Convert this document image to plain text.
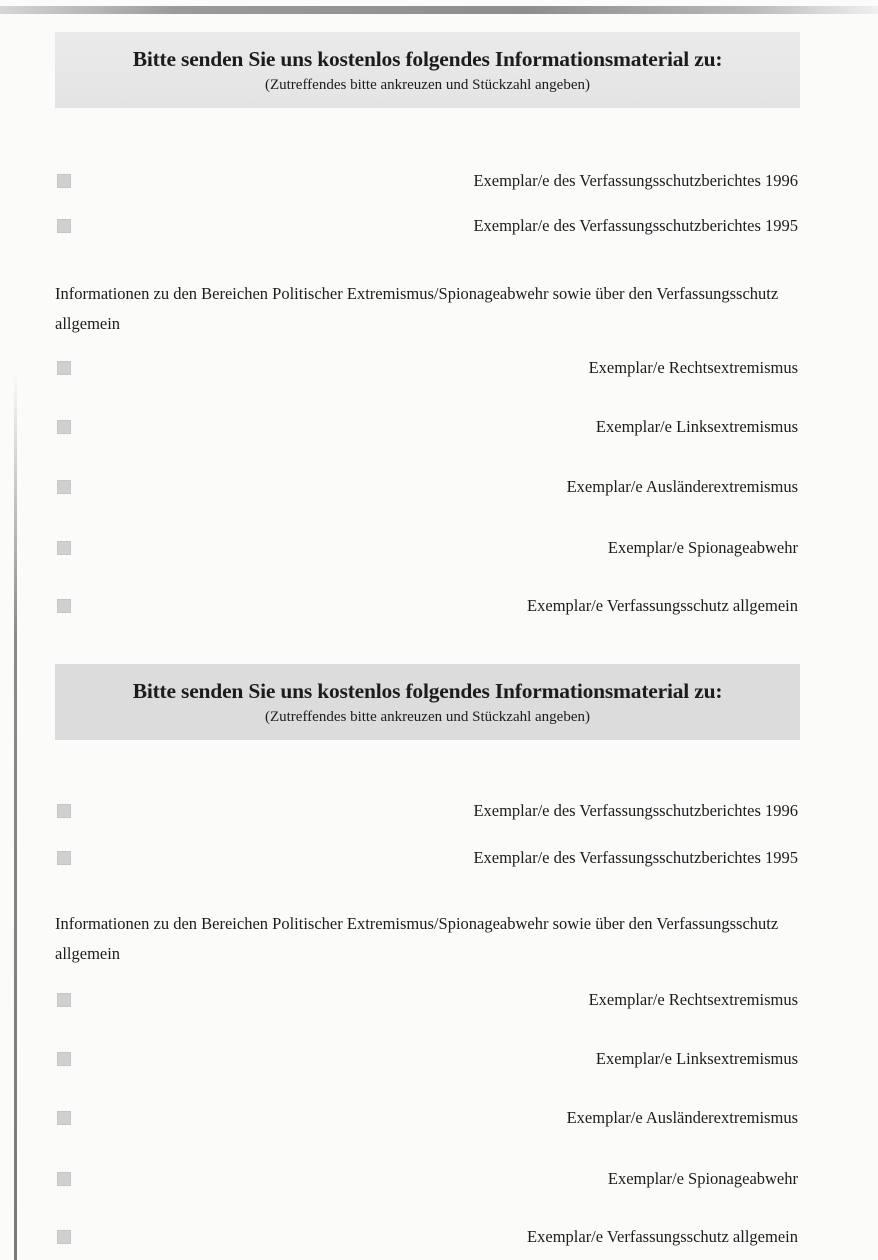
Bitte senden Sie uns kostenlos folgendes Informationsmaterial zu:
(Zutreffendes bitte ankreuzen und Stückzahl angeben)
Exemplar/e des Verfassungsschutzberichtes 1996
Exemplar/e des Verfassungsschutzberichtes 1995
Informationen zu den Bereichen Politischer Extremismus/Spionageabwehr sowie über den Verfassungsschutz allgemein
Exemplar/e Rechtsextremismus
Exemplar/e Linksextremismus
Exemplar/e Ausländerextremismus
Exemplar/e Spionageabwehr
Exemplar/e Verfassungsschutz allgemein
Bitte senden Sie uns kostenlos folgendes Informationsmaterial zu:
(Zutreffendes bitte ankreuzen und Stückzahl angeben)
Exemplar/e des Verfassungsschutzberichtes 1996
Exemplar/e des Verfassungsschutzberichtes 1995
Informationen zu den Bereichen Politischer Extremismus/Spionageabwehr sowie über den Verfassungsschutz allgemein
Exemplar/e Rechtsextremismus
Exemplar/e Linksextremismus
Exemplar/e Ausländerextremismus
Exemplar/e Spionageabwehr
Exemplar/e Verfassungsschutz allgemein
